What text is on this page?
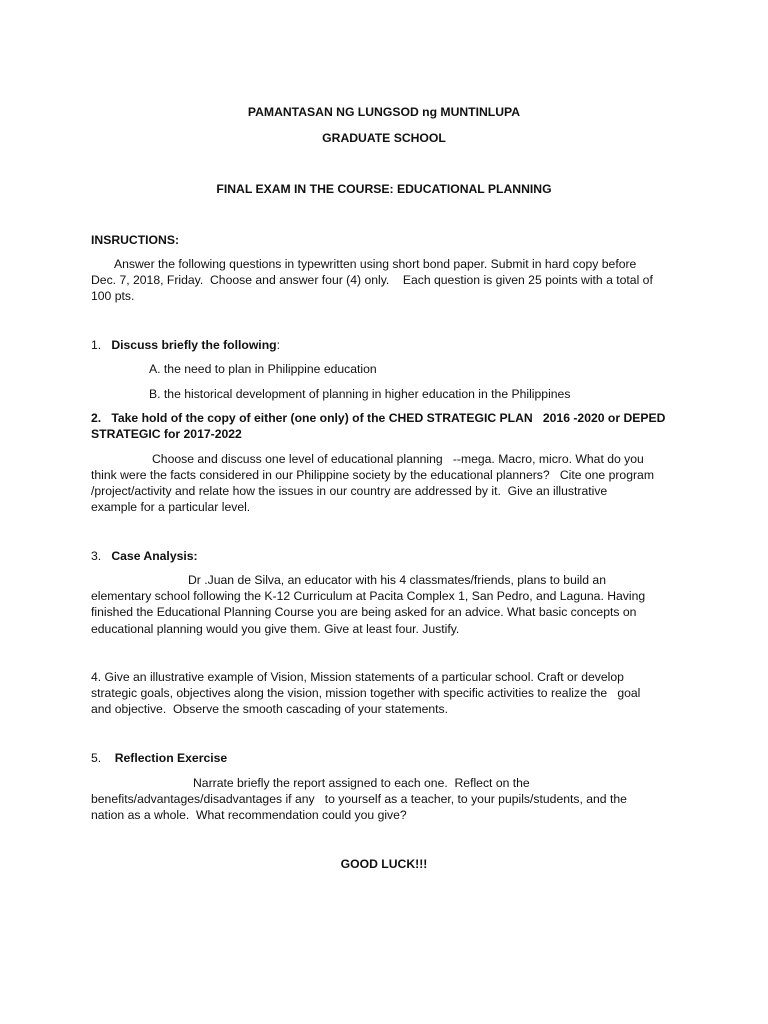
PAMANTASAN NG LUNGSOD ng MUNTINLUPA
GRADUATE SCHOOL
FINAL EXAM IN THE COURSE: EDUCATIONAL PLANNING
INSRUCTIONS:
Answer the following questions in typewritten using short bond paper. Submit in hard copy before
Dec. 7, 2018, Friday.  Choose and answer four (4) only.    Each question is given 25 points with a total of
100 pts.
1. Discuss briefly the following:
A. the need to plan in Philippine education
B. the historical development of planning in higher education in the Philippines
2.   Take hold of the copy of either (one only) of the CHED STRATEGIC PLAN   2016 -2020 or DEPED
STRATEGIC for 2017-2022
Choose and discuss one level of educational planning   --mega. Macro, micro. What do you
think were the facts considered in our Philippine society by the educational planners?   Cite one program
/project/activity and relate how the issues in our country are addressed by it.  Give an illustrative
example for a particular level.
3. Case Analysis:
Dr .Juan de Silva, an educator with his 4 classmates/friends, plans to build an
elementary school following the K-12 Curriculum at Pacita Complex 1, San Pedro, and Laguna. Having
finished the Educational Planning Course you are being asked for an advice. What basic concepts on
educational planning would you give them. Give at least four. Justify.
4. Give an illustrative example of Vision, Mission statements of a particular school. Craft or develop
strategic goals, objectives along the vision, mission together with specific activities to realize the   goal
and objective.  Observe the smooth cascading of your statements.
5. Reflection Exercise
Narrate briefly the report assigned to each one.  Reflect on the
benefits/advantages/disadvantages if any   to yourself as a teacher, to your pupils/students, and the
nation as a whole.  What recommendation could you give?
GOOD LUCK!!!
